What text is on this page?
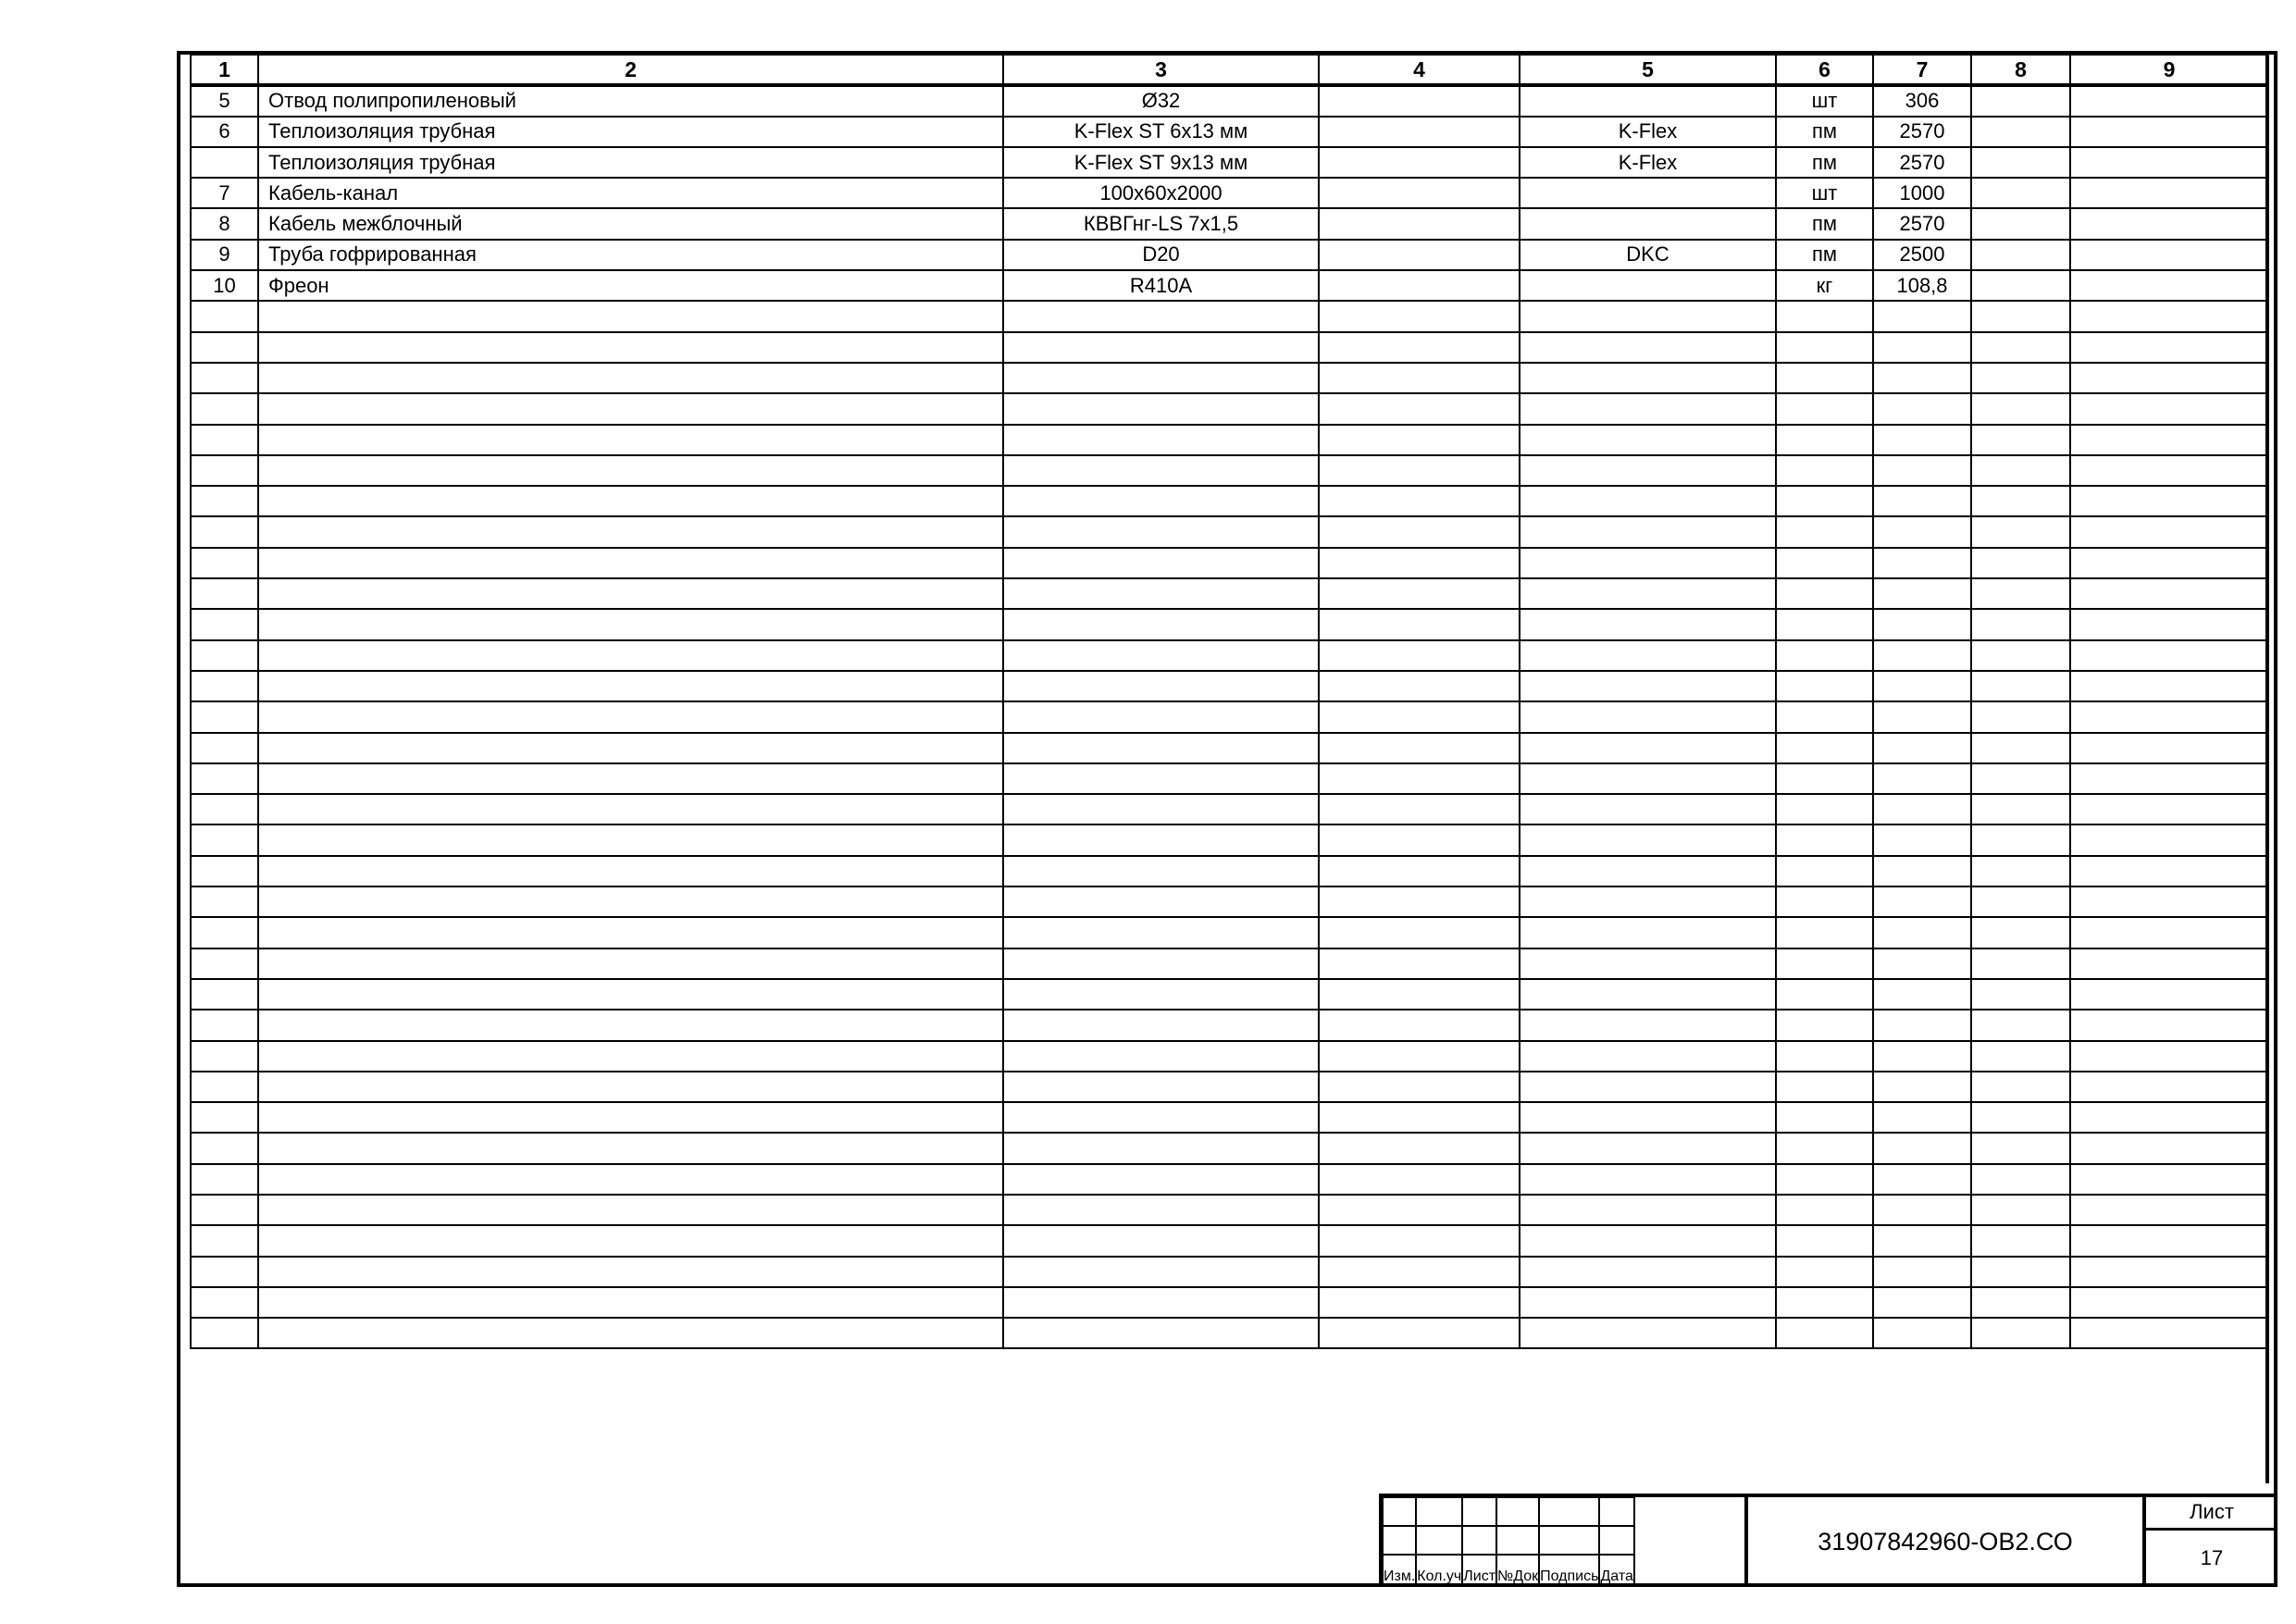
1	2	3	4	5	6	7	8	9
5	Отвод полипропиленовый	Ø32			шт	306		
6	Теплоизоляция трубная	K-Flex ST 6x13 мм		K-Flex	пм	2570		
	Теплоизоляция трубная	K-Flex ST 9x13 мм		K-Flex	пм	2570		
7	Кабель-канал	100x60x2000			шт	1000		
8	Кабель межблочный	КВВГнг-LS 7x1,5			пм	2570		
9	Труба гофрированная	D20		DKC	пм	2500		
10	Фреон	R410A			кг	108,8		

Изм.	Кол.уч	Лист	№Док	Подпись	Дата
31907842960-ОВ2.СО
Лист
17
